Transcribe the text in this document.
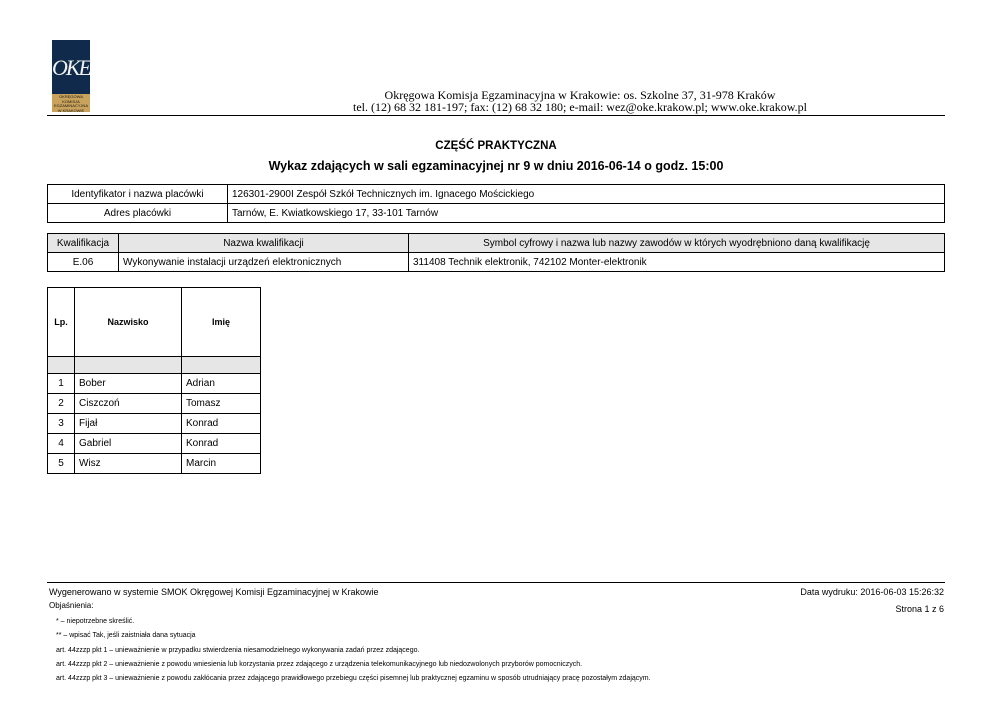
OKE
OKRĘGOWA KOMISJA EGZAMINACYJNA W KRAKOWIE
Okręgowa Komisja Egzaminacyjna w Krakowie: os. Szkolne 37, 31-978 Kraków
tel. (12) 68 32 181-197; fax: (12) 68 32 180; e-mail: wez@oke.krakow.pl; www.oke.krakow.pl
CZĘŚĆ PRAKTYCZNA
Wykaz zdających w sali egzaminacyjnej nr 9 w dniu 2016-06-14 o godz. 15:00
Identyfikator i nazwa placówki	126301-2900I Zespół Szkół Technicznych im. Ignacego Mościckiego
Adres placówki	Tarnów, E. Kwiatkowskiego 17, 33-101 Tarnów
Kwalifikacja	Nazwa kwalifikacji	Symbol cyfrowy i nazwa lub nazwy zawodów w których wyodrębniono daną kwalifikację
E.06	Wykonywanie instalacji urządzeń elektronicznych	311408 Technik elektronik, 742102 Monter-elektronik
Lp.	Nazwisko	Imię

1	Bober	Adrian
2	Ciszczoń	Tomasz
3	Fijał	Konrad
4	Gabriel	Konrad
5	Wisz	Marcin
Wygenerowano w systemie SMOK Okręgowej Komisji Egzaminacyjnej w Krakowie	Data wydruku: 2016-06-03 15:26:32
Strona 1 z 6
Objaśnienia:
* – niepotrzebne skreślić.
** – wpisać Tak, jeśli zaistniała dana sytuacja
art. 44zzzp pkt 1 – unieważnienie w przypadku stwierdzenia niesamodzielnego wykonywania zadań przez zdającego.
art. 44zzzp pkt 2 – unieważnienie z powodu wniesienia lub korzystania przez zdającego z urządzenia telekomunikacyjnego lub niedozwolonych przyborów pomocniczych.
art. 44zzzp pkt 3 – unieważnienie z powodu zakłócania przez zdającego prawidłowego przebiegu części pisemnej lub praktycznej egzaminu w sposób utrudniający pracę pozostałym zdającym.
